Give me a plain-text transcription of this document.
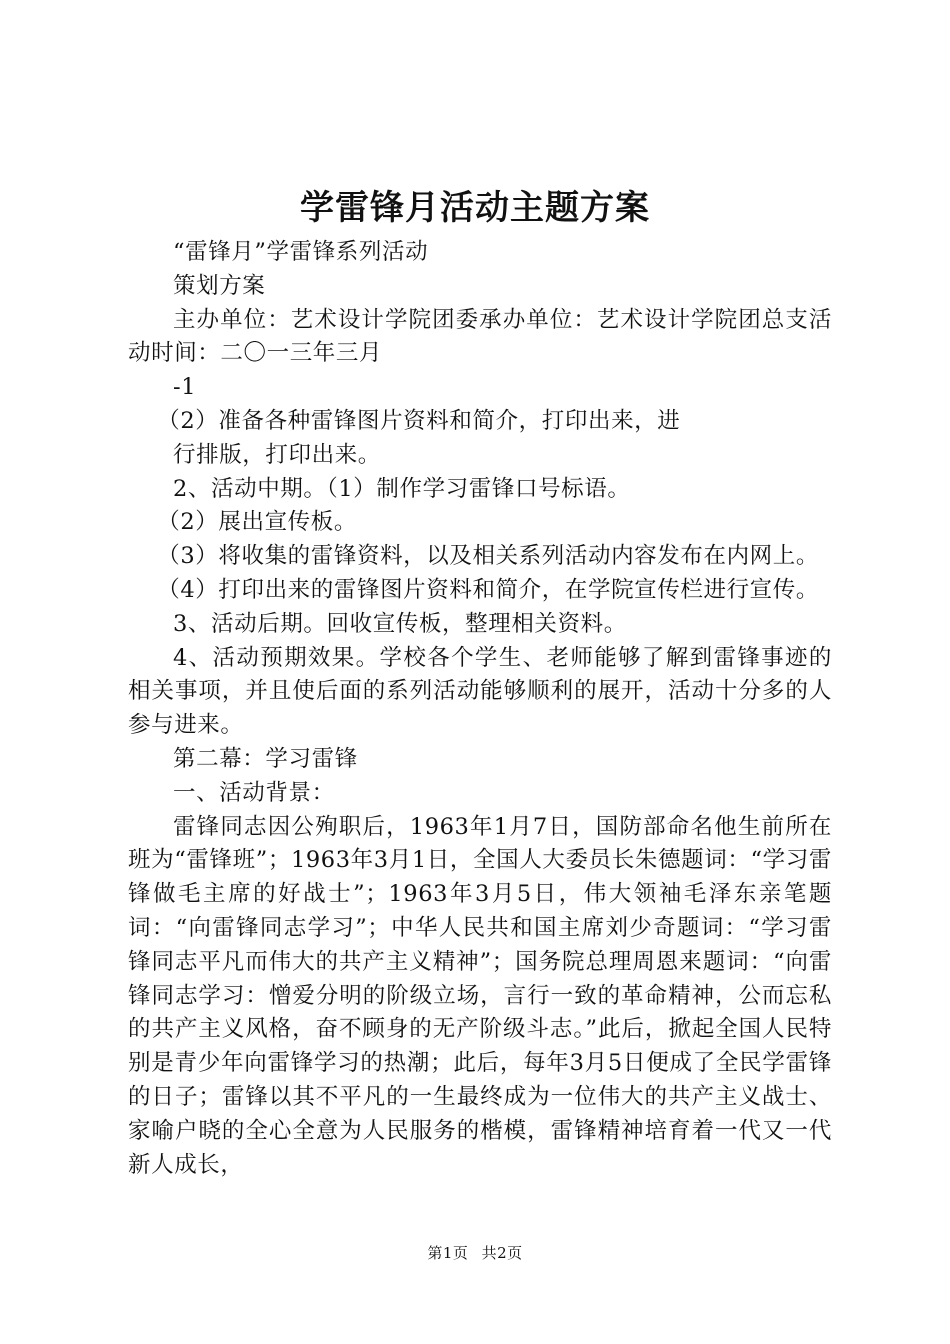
学雷锋月活动主题方案

“雷锋月”学雷锋系列活动

策划方案

主办单位：艺术设计学院团委承办单位：艺术设计学院团总支活动时间：二〇一三年三月

-1

（2）准备各种雷锋图片资料和简介，打印出来，进

行排版，打印出来。

2、活动中期。（1）制作学习雷锋口号标语。

（2）展出宣传板。

（3）将收集的雷锋资料，以及相关系列活动内容发布在内网上。

（4）打印出来的雷锋图片资料和简介，在学院宣传栏进行宣传。

3、活动后期。回收宣传板，整理相关资料。

4、活动预期效果。学校各个学生、老师能够了解到雷锋事迹的相关事项，并且使后面的系列活动能够顺利的展开，活动十分多的人参与进来。

第二幕：学习雷锋

一、活动背景：

雷锋同志因公殉职后，1963年1月7日，国防部命名他生前所在班为“雷锋班”；1963年3月1日，全国人大委员长朱德题词：“学习雷锋做毛主席的好战士”；1963年3月5日，伟大领袖毛泽东亲笔题词：“向雷锋同志学习”；中华人民共和国主席刘少奇题词：“学习雷锋同志平凡而伟大的共产主义精神”；国务院总理周恩来题词：“向雷锋同志学习：憎爱分明的阶级立场，言行一致的革命精神，公而忘私的共产主义风格，奋不顾身的无产阶级斗志。”此后，掀起全国人民特别是青少年向雷锋学习的热潮；此后，每年3月5日便成了全民学雷锋的日子；雷锋以其不平凡的一生最终成为一位伟大的共产主义战士、家喻户晓的全心全意为人民服务的楷模，雷锋精神培育着一代又一代新人成长，

第1页 共2页
